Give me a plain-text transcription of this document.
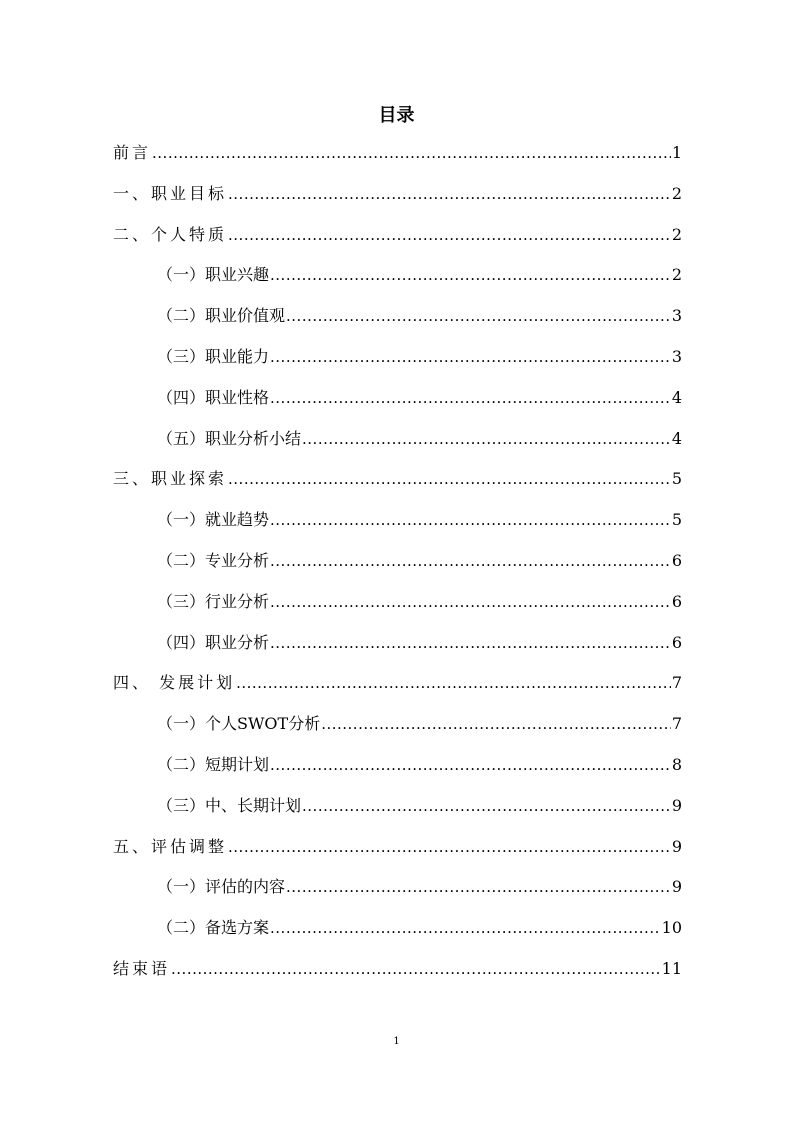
目录
前言 .....	1
一、职业目标 .....	2
二、个人特质 .....	2
（一）职业兴趣 .....	2
（二）职业价值观 .....	3
（三）职业能力 .....	3
（四）职业性格 .....	4
（五）职业分析小结 .....	4
三、职业探索 .....	5
（一）就业趋势 .....	5
（二）专业分析 .....	6
（三）行业分析 .....	6
（四）职业分析 .....	6
四、 发展计划 .....	7
（一）个人SWOT分析 .....	7
（二）短期计划 .....	8
（三）中、长期计划 .....	9
五、评估调整 .....	9
（一）评估的内容 .....	9
（二）备选方案 .....	10
结束语 .....	11
1
